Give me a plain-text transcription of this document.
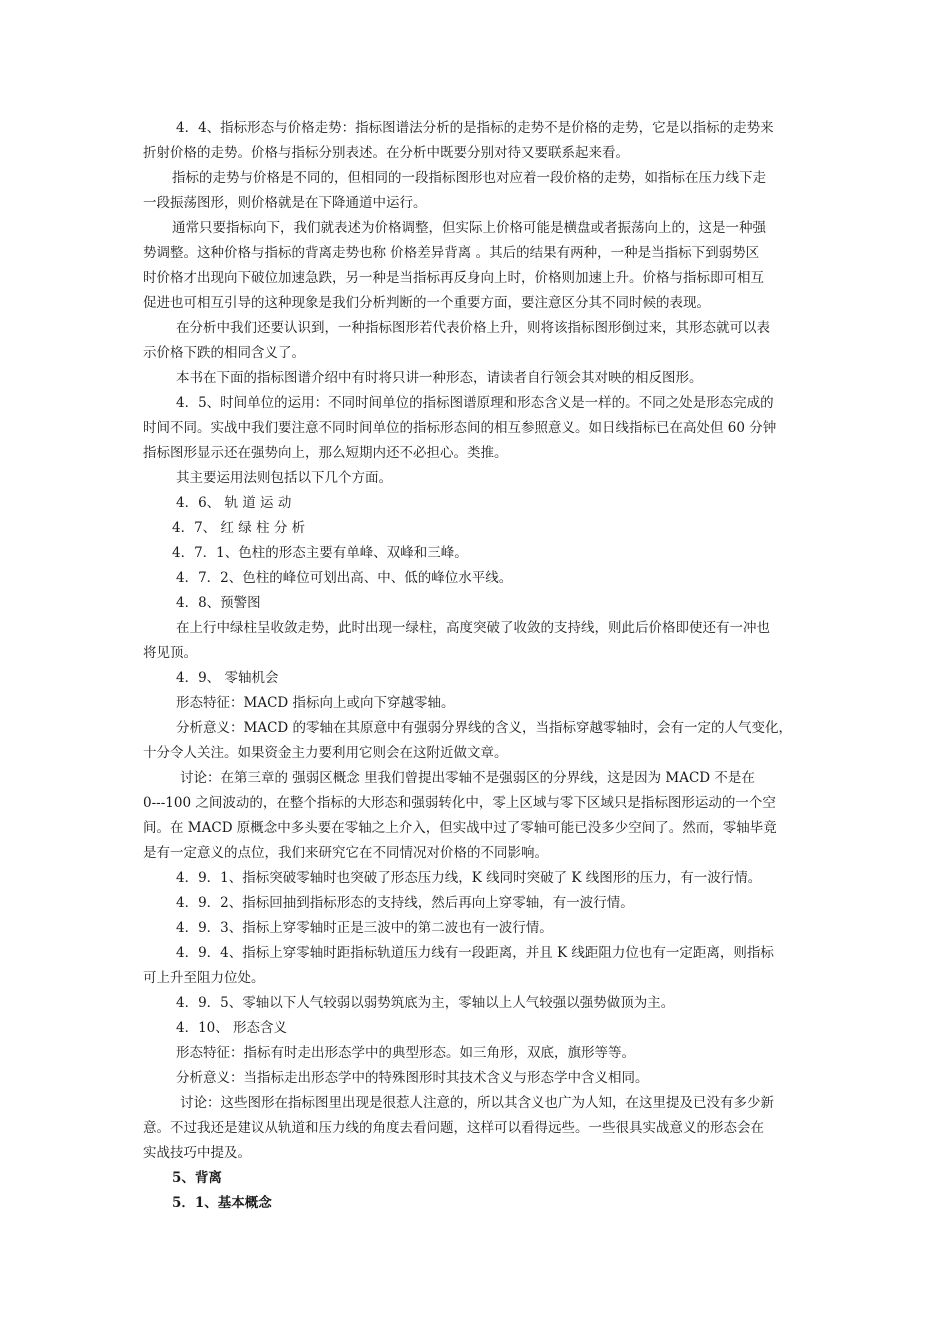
4．4、指标形态与价格走势：指标图谱法分析的是指标的走势不是价格的走势，它是以指标的走势来
折射价格的走势。价格与指标分别表述。在分析中既要分别对待又要联系起来看。
指标的走势与价格是不同的，但相同的一段指标图形也对应着一段价格的走势，如指标在压力线下走
一段振荡图形，则价格就是在下降通道中运行。
通常只要指标向下，我们就表述为价格调整，但实际上价格可能是横盘或者振荡向上的，这是一种强
势调整。这种价格与指标的背离走势也称 价格差异背离 。其后的结果有两种，一种是当指标下到弱势区
时价格才出现向下破位加速急跌，另一种是当指标再反身向上时，价格则加速上升。价格与指标即可相互
促进也可相互引导的这种现象是我们分析判断的一个重要方面，要注意区分其不同时候的表现。
在分析中我们还要认识到，一种指标图形若代表价格上升，则将该指标图形倒过来，其形态就可以表
示价格下跌的相同含义了。
本书在下面的指标图谱介绍中有时将只讲一种形态，请读者自行领会其对映的相反图形。
4．5、时间单位的运用：不同时间单位的指标图谱原理和形态含义是一样的。不同之处是形态完成的
时间不同。实战中我们要注意不同时间单位的指标形态间的相互参照意义。如日线指标已在高处但 60 分钟
指标图形显示还在强势向上，那么短期内还不必担心。类推。
其主要运用法则包括以下几个方面。
4．6、 轨 道 运 动
4．7、 红 绿 柱 分 析
4．7．1、色柱的形态主要有单峰、双峰和三峰。
4．7．2、色柱的峰位可划出高、中、低的峰位水平线。
4．8、预警图
在上行中绿柱呈收敛走势，此时出现一绿柱，高度突破了收敛的支持线，则此后价格即使还有一冲也
将见顶。
4．9、 零轴机会
形态特征：MACD 指标向上或向下穿越零轴。
分析意义：MACD 的零轴在其原意中有强弱分界线的含义，当指标穿越零轴时，会有一定的人气变化，
十分令人关注。如果资金主力要利用它则会在这附近做文章。
讨论：在第三章的 强弱区概念 里我们曾提出零轴不是强弱区的分界线，这是因为 MACD 不是在
0---100 之间波动的，在整个指标的大形态和强弱转化中，零上区域与零下区域只是指标图形运动的一个空
间。在 MACD 原概念中多头要在零轴之上介入，但实战中过了零轴可能已没多少空间了。然而，零轴毕竟
是有一定意义的点位，我们来研究它在不同情况对价格的不同影响。
4．9．1、指标突破零轴时也突破了形态压力线，K 线同时突破了 K 线图形的压力，有一波行情。
4．9．2、指标回抽到指标形态的支持线，然后再向上穿零轴，有一波行情。
4．9．3、指标上穿零轴时正是三波中的第二波也有一波行情。
4．9．4、指标上穿零轴时距指标轨道压力线有一段距离，并且 K 线距阻力位也有一定距离，则指标
可上升至阻力位处。
4．9．5、零轴以下人气较弱以弱势筑底为主，零轴以上人气较强以强势做顶为主。
4．10、 形态含义
形态特征：指标有时走出形态学中的典型形态。如三角形，双底，旗形等等。
分析意义：当指标走出形态学中的特殊图形时其技术含义与形态学中含义相同。
讨论：这些图形在指标图里出现是很惹人注意的，所以其含义也广为人知，在这里提及已没有多少新
意。不过我还是建议从轨道和压力线的角度去看问题，这样可以看得远些。一些很具实战意义的形态会在
实战技巧中提及。
5、背离
5．1、基本概念
